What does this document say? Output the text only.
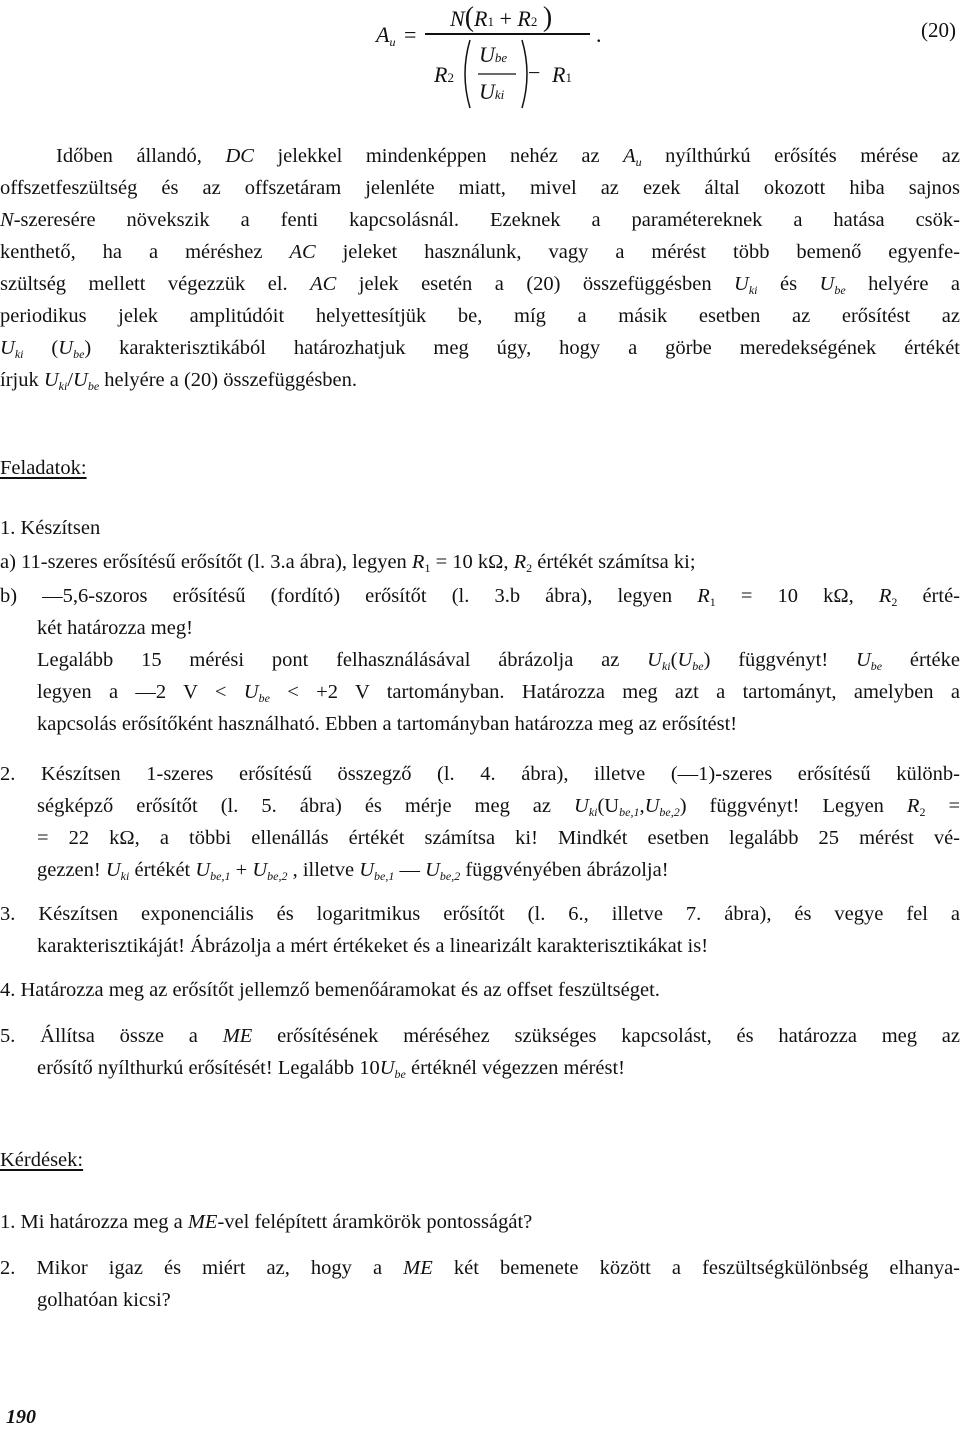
$A_u$ =
N(R1 + R2 )
R2
Ube
Uki
− R1
.	(20)
Időben állandó, DC jelekkel mindenképpen nehéz az $A_u$ nyílthúrkú erősítés mérése az
offszetfeszültség és az offszetáram jelenléte miatt, mivel az ezek által okozott hiba sajnos
N-szeresére növekszik a fenti kapcsolásnál. Ezeknek a paramétereknek a hatása csök-
kenthető, ha a méréshez AC jeleket használunk, vagy a mérést több bemenő egyenfe-
szültség mellett végezzük el. AC jelek esetén a (20) összefüggésben $U_{ki}$ és $U_{be}$ helyére a
periodikus jelek amplitúdóit helyettesítjük be, míg a másik esetben az erősítést az
$U_{ki}$ $(U_{be})$ karakterisztikából határozhatjuk meg úgy, hogy a görbe meredekségének értékét
írjuk $U_{ki}/U_{be}$ helyére a (20) összefüggésben.
Feladatok:
1. Készítsen
a) 11-szeres erősítésű erősítőt (l. 3.a ábra), legyen $R_1 = 10$ kΩ, $R_2$ értékét számítsa ki;
b) ―5,6-szoros erősítésű (fordító) erősítőt (l. 3.b ábra), legyen $R_1 = 10$ kΩ, $R_2$ érté-
két határozza meg!
Legalább 15 mérési pont felhasználásával ábrázolja az $U_{ki}(U_{be})$ függvényt! $U_{be}$ értéke
legyen a ―2 $V < U_{be} < +2$ V tartományban. Határozza meg azt a tartományt, amelyben a
kapcsolás erősítőként használható. Ebben a tartományban határozza meg az erősítést!
2. Készítsen 1-szeres erősítésű összegző (l. 4. ábra), illetve (―1)-szeres erősítésű különb-
ségképző erősítőt (l. 5. ábra) és mérje meg az $U_{ki}(U_{be,1},U_{be,2})$ függvényt! Legyen $R_2$ =
= 22 kΩ, a többi ellenállás értékét számítsa ki! Mindkét esetben legalább 25 mérést vé-
gezzen! $U_{ki}$ értékét $U_{be,1} + U_{be,2}$ , illetve $U_{be,1}$ ― $U_{be,2}$ függvényében ábrázolja!
3. Készítsen exponenciális és logaritmikus erősítőt (l. 6., illetve 7. ábra), és vegye fel a
karakterisztikáját! Ábrázolja a mért értékeket és a linearizált karakterisztikákat is!
4. Határozza meg az erősítőt jellemző bemenőáramokat és az offset feszültséget.
5. Állítsa össze a ME erősítésének méréséhez szükséges kapcsolást, és határozza meg az
erősítő nyílthurkú erősítését! Legalább $10U_{be}$ értéknél végezzen mérést!
Kérdések:
1. Mi határozza meg a ME-vel felépített áramkörök pontosságát?
2. Mikor igaz és miért az, hogy a ME két bemenete között a feszültségkülönbség elhanya-
golhatóan kicsi?
190
